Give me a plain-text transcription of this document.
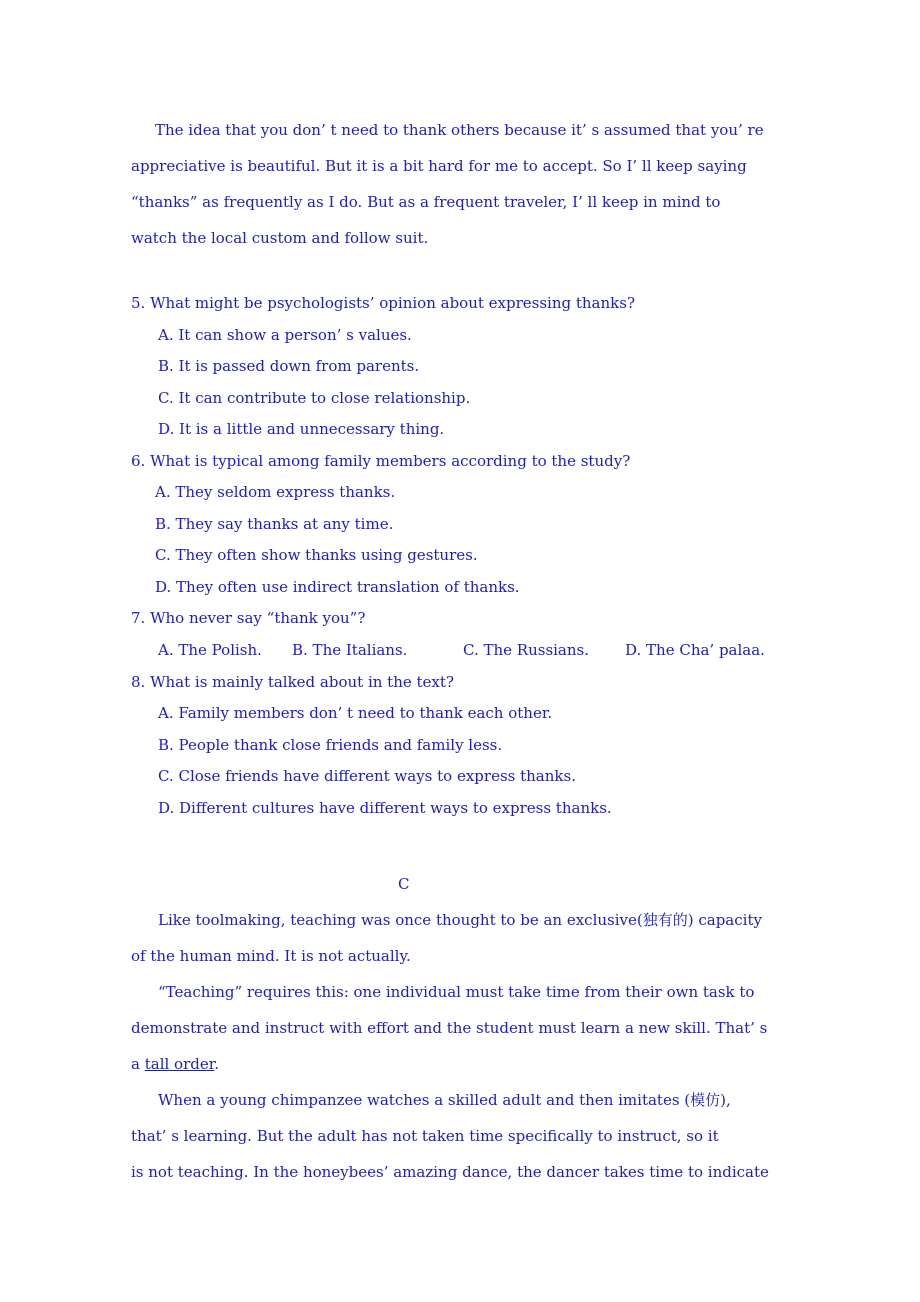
The idea that you don’ t need to thank others because it’ s assumed that you’ re
appreciative is beautiful. But it is a bit hard for me to accept. So I’ ll keep saying
“thanks” as frequently as I do. But as a frequent traveler, I’ ll keep in mind to
watch the local custom and follow suit.
5. What might be psychologists’ opinion about expressing thanks?
A. It can show a person’ s values.
B. It is passed down from parents.
C. It can contribute to close relationship.
D. It is a little and unnecessary thing.
6. What is typical among family members according to the study?
A. They seldom express thanks.
B. They say thanks at any time.
C. They often show thanks using gestures.
D. They often use indirect translation of thanks.
7. Who never say “thank you”?
A. The Polish. B. The Italians.	C. The Russians. D. The Cha’ palaa.
8. What is mainly talked about in the text?
A. Family members don’ t need to thank each other.
B. People thank close friends and family less.
C. Close friends have different ways to express thanks.
D. Different cultures have different ways to express thanks.
C
Like toolmaking, teaching was once thought to be an exclusive(独有的) capacity
of the human mind. It is not actually.
“Teaching” requires this: one individual must take time from their own task to
demonstrate and instruct with effort and the student must learn a new skill. That’ s
a tall order.
When a young chimpanzee watches a skilled adult and then imitates (模仿),
that’ s learning. But the adult has not taken time specifically to instruct, so it
is not teaching. In the honeybees’ amazing dance, the dancer takes time to indicate
